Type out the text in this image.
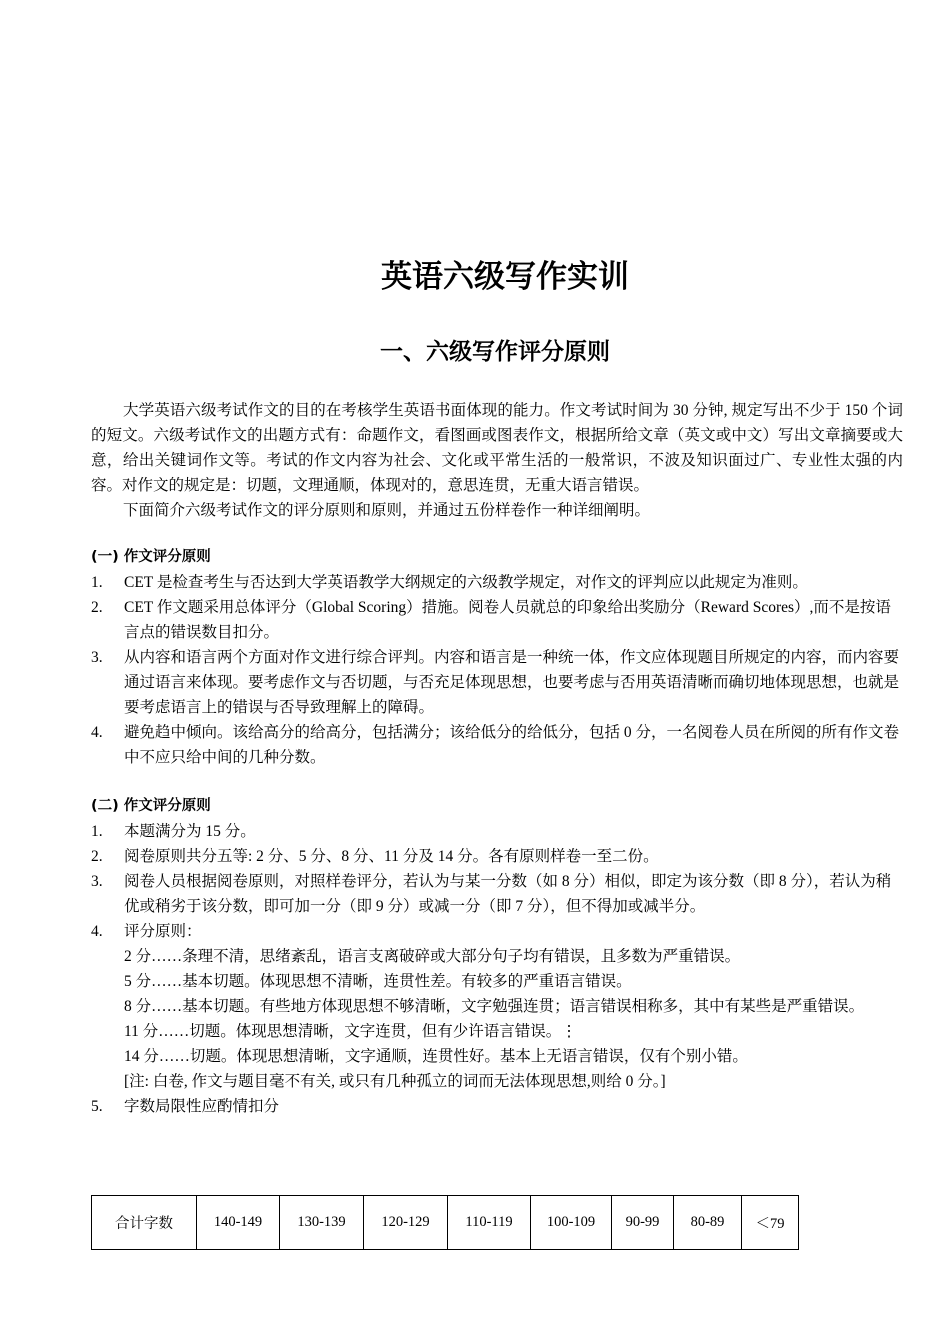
英语六级写作实训
一、六级写作评分原则

大学英语六级考试作文的目的在考核学生英语书面体现的能力。作文考试时间为 30 分钟, 规定写出不少于 150 个词的短文。六级考试作文的出题方式有：命题作文，看图画或图表作文，根据所给文章（英文或中文）写出文章摘要或大意，给出关键词作文等。考试的作文内容为社会、文化或平常生活的一般常识，不波及知识面过广、专业性太强的内容。对作文的规定是：切题，文理通顺，体现对的，意思连贯，无重大语言错误。

下面简介六级考试作文的评分原则和原则，并通过五份样卷作一种详细阐明。

(一) 作文评分原则

1. CET 是检查考生与否达到大学英语教学大纲规定的六级教学规定，对作文的评判应以此规定为准则。
2. CET 作文题采用总体评分（Global Scoring）措施。阅卷人员就总的印象给出奖励分（Reward Scores）,而不是按语言点的错误数目扣分。
3. 从内容和语言两个方面对作文进行综合评判。内容和语言是一种统一体，作文应体现题目所规定的内容，而内容要通过语言来体现。要考虑作文与否切题，与否充足体现思想，也要考虑与否用英语清晰而确切地体现思想，也就是要考虑语言上的错误与否导致理解上的障碍。
4. 避免趋中倾向。该给高分的给高分，包括满分；该给低分的给低分，包括 0 分，一名阅卷人员在所阅的所有作文卷中不应只给中间的几种分数。

(二) 作文评分原则

1. 本题满分为 15 分。
2. 阅卷原则共分五等: 2 分、5 分、8 分、11 分及 14 分。各有原则样卷一至二份。
3. 阅卷人员根据阅卷原则，对照样卷评分，若认为与某一分数（如 8 分）相似，即定为该分数（即 8 分），若认为稍优或稍劣于该分数，即可加一分（即 9 分）或减一分（即 7 分），但不得加或减半分。
4. 评分原则：

2 分……条理不清，思绪紊乱，语言支离破碎或大部分句子均有错误，且多数为严重错误。

5 分……基本切题。体现思想不清晰，连贯性差。有较多的严重语言错误。

8 分……基本切题。有些地方体现思想不够清晰，文字勉强连贯；语言错误相称多，其中有某些是严重错误。

11 分……切题。体现思想清晰，文字连贯，但有少许语言错误。⋮

14 分……切题。体现思想清晰，文字通顺，连贯性好。基本上无语言错误，仅有个别小错。

[注: 白卷, 作文与题目毫不有关, 或只有几种孤立的词而无法体现思想,则给 0 分。]

5. 字数局限性应酌情扣分
合计字数	140-149	130-139	120-129	110-119	100-109	90-99	80-89	＜79
